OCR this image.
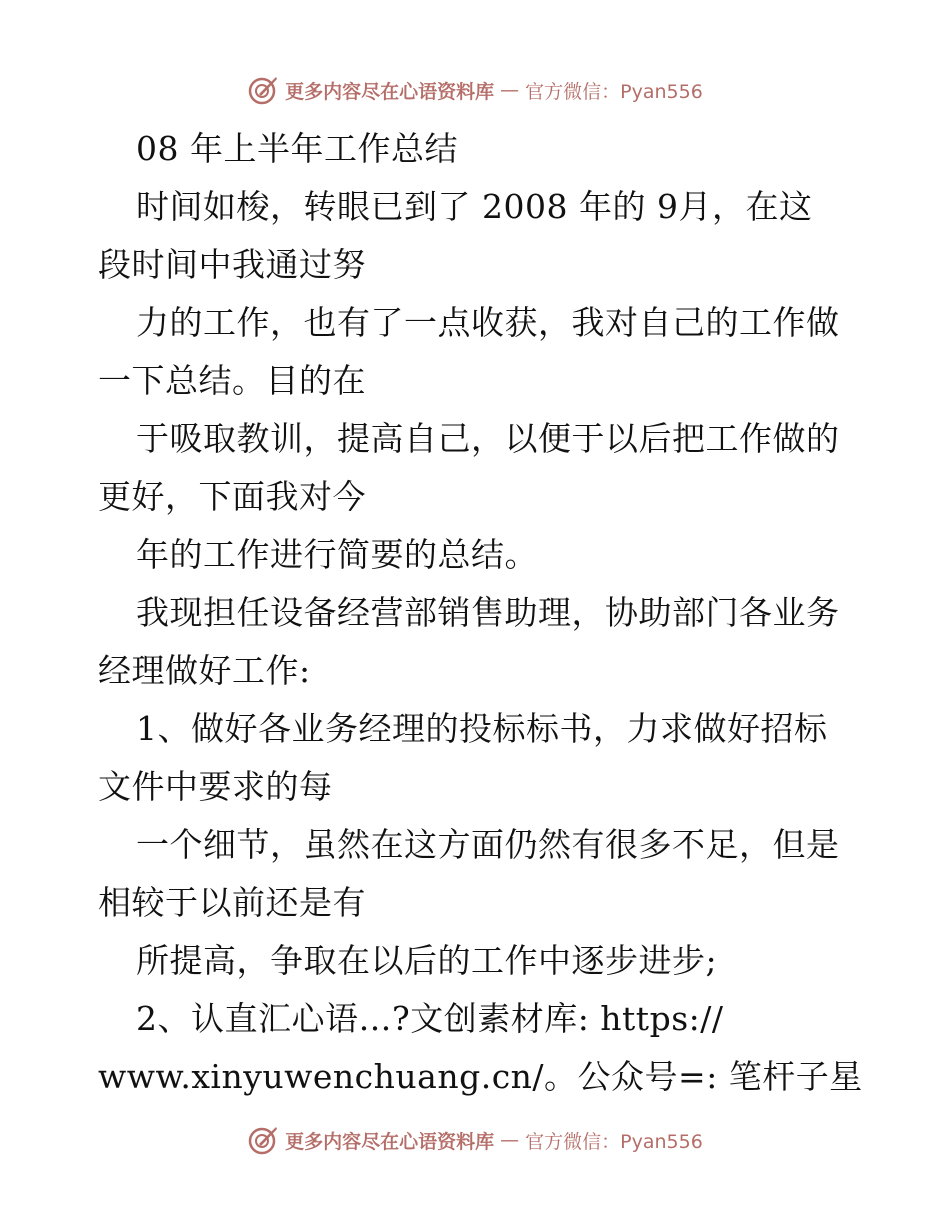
更多内容尽在心语资料库 — 官方微信：Pyan556
08 年上半年工作总结
时间如梭，转眼已到了 2008 年的 9月，在这
段时间中我通过努
力的工作，也有了一点收获，我对自己的工作做
一下总结。目的在
于吸取教训，提高自己，以便于以后把工作做的
更好，下面我对今
年的工作进行简要的总结。
我现担任设备经营部销售助理，协助部门各业务
经理做好工作:
1、做好各业务经理的投标标书，力求做好招标
文件中要求的每
一个细节，虽然在这方面仍然有很多不足，但是
相较于以前还是有
所提高，争取在以后的工作中逐步进步;
2、认直汇心语…?文创素材库: https://
www.xinyuwenchuang.cn/。公众号=: 笔杆子星
更多内容尽在心语资料库 — 官方微信：Pyan556
